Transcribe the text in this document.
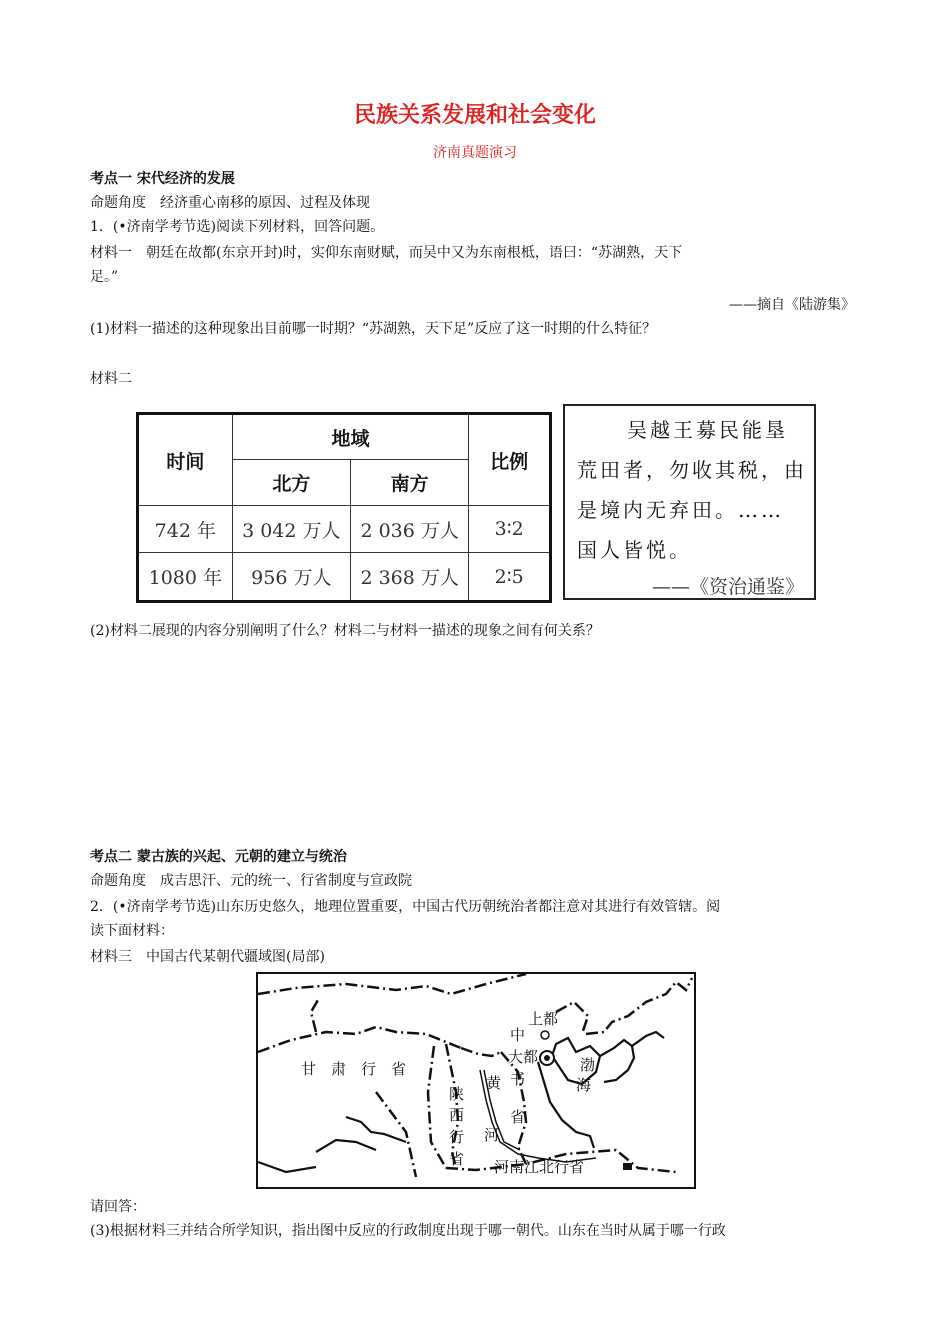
民族关系发展和社会变化
济南真题演习
考点一 宋代经济的发展
命题角度　经济重心南移的原因、过程及体现
1．(•济南学考节选)阅读下列材料，回答问题。
材料一　朝廷在故都(东京开封)时，实仰东南财赋，而吴中又为东南根柢，语曰：“苏湖熟，天下
足。”
——摘自《陆游集》
(1)材料一描述的这种现象出目前哪一时期？“苏湖熟，天下足”反应了这一时期的什么特征？
材料二
时间	地域		比例
	北方	南方	
742 年	3 042 万人	2 036 万人	3∶2
1080 年	956 万人	2 368 万人	2∶5
吴越王募民能垦
荒田者，勿收其税，由
是境内无弃田。……
国人皆悦。
——《资治通鉴》
(2)材料二展现的内容分别阐明了什么？材料二与材料一描述的现象之间有何关系？
考点二 蒙古族的兴起、元朝的建立与统治
命题角度　成吉思汗、元的统一、行省制度与宣政院
2．(•济南学考节选)山东历史悠久，地理位置重要，中国古代历朝统治者都注意对其进行有效管辖。阅
读下面材料：
材料三　中国古代某朝代疆域图(局部)
甘　肃　行　省
陕
西
行
省
上都
大都
中
书
省
黄
河
渤
海
河南江北行省
请回答：
(3)根据材料三并结合所学知识，指出图中反应的行政制度出现于哪一朝代。山东在当时从属于哪一行政
